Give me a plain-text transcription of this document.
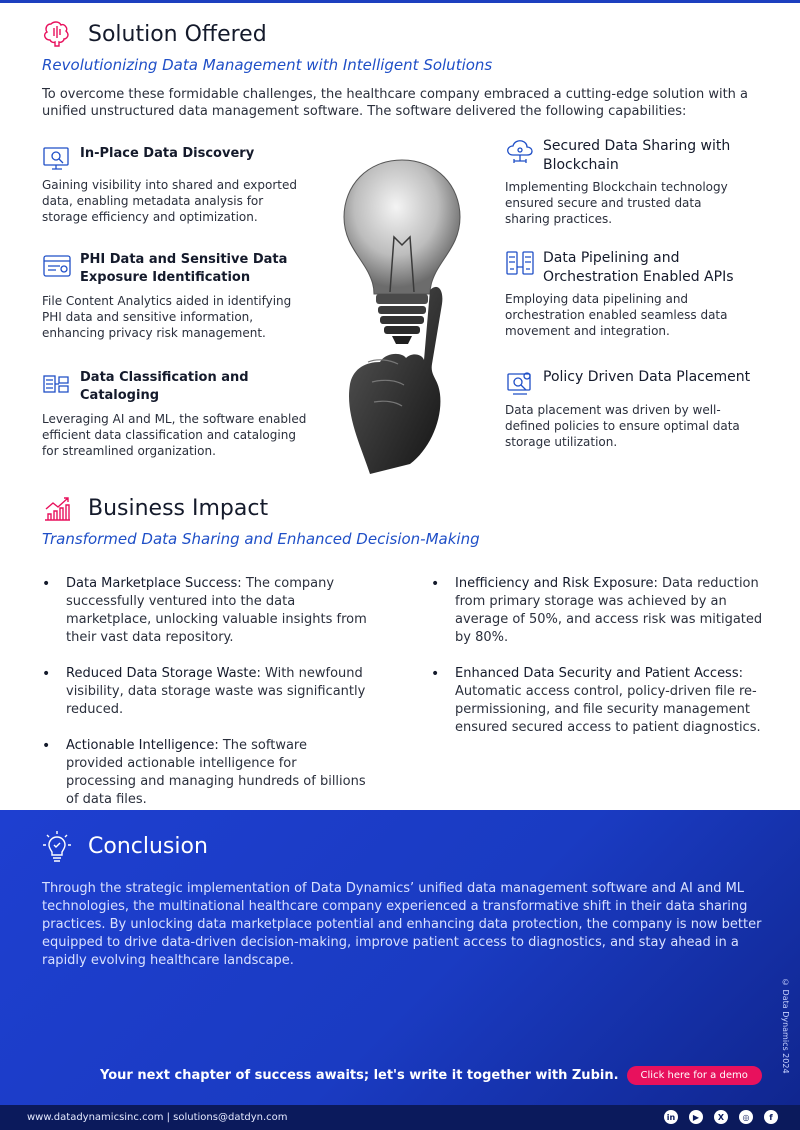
Solution Offered
Revolutionizing Data Management with Intelligent Solutions
To overcome these formidable challenges, the healthcare company embraced a cutting-edge solution with a unified unstructured data management software. The software delivered the following capabilities:
In-Place Data Discovery

Gaining visibility into shared and exported data, enabling metadata analysis for storage efficiency and optimization.

PHI Data and Sensitive Data Exposure Identification

File Content Analytics aided in identifying PHI data and sensitive information, enhancing privacy risk management.

Data Classification and Cataloging

Leveraging AI and ML, the software enabled efficient data classification and cataloging for streamlined organization.

Secured Data Sharing with Blockchain

Implementing Blockchain technology ensured secure and trusted data sharing practices.

Data Pipelining and Orchestration Enabled APIs

Employing data pipelining and orchestration enabled seamless data movement and integration.

Policy Driven Data Placement

Data placement was driven by well-defined policies to ensure optimal data storage utilization.

Business Impact
Transformed Data Sharing and Enhanced Decision-Making
• Data Marketplace Success: The company successfully ventured into the data marketplace, unlocking valuable insights from their vast data repository.
• Reduced Data Storage Waste: With newfound visibility, data storage waste was significantly reduced.
• Actionable Intelligence: The software provided actionable intelligence for processing and managing hundreds of billions of data files.
• Inefficiency and Risk Exposure: Data reduction from primary storage was achieved by an average of 50%, and access risk was mitigated by 80%.
• Enhanced Data Security and Patient Access: Automatic access control, policy-driven file re-permissioning, and file security management ensured secured access to patient diagnostics.
Conclusion

Through the strategic implementation of Data Dynamics’ unified data management software and AI and ML technologies, the multinational healthcare company experienced a transformative shift in their data sharing practices. By unlocking data marketplace potential and enhancing data protection, the company is now better equipped to drive data-driven decision-making, improve patient access to diagnostics, and stay ahead in a rapidly evolving healthcare landscape.

© Data Dynamics 2024
Your next chapter of success awaits; let's write it together with Zubin.	Click here for a demo
www.datadynamicsinc.com | solutions@datdyn.com	in	▶	X	◎	f
